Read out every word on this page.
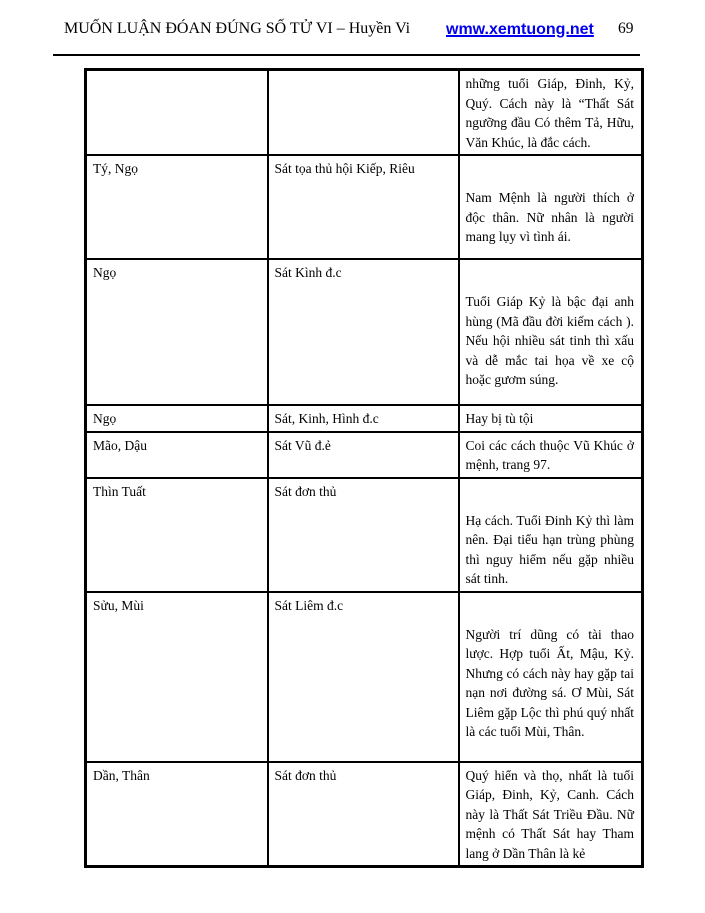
MUỐN LUẬN ĐÓAN ĐÚNG SỐ TỬ VI – Huyền Vi wmw.xemtuong.net 69
		những tuổi Giáp, Đinh, Kỷ, Quý. Cách này là “Thất Sát ngưỡng đầu Có thêm Tả, Hữu, Văn Khúc, là đắc cách.
Tý, Ngọ	Sát tọa thủ hội Kiếp, Riêu	Nam Mệnh là người thích ở độc thân. Nữ nhân là người mang lụy vì tình ái.
Ngọ	Sát Kình đ.c	Tuổi Giáp Kỷ là bậc đại anh hùng (Mã đầu đời kiếm cách ). Nếu hội nhiều sát tinh thì xấu và dễ mắc tai họa về xe cộ hoặc gươm súng.
Ngọ	Sát, Kinh, Hình đ.c	Hay bị tù tội
Mão, Dậu	Sát Vũ đ.ẻ	Coi các cách thuộc Vũ Khúc ở mệnh, trang 97.
Thìn Tuất	Sát đơn thủ	Hạ cách. Tuổi Đinh Kỷ thì làm nên. Đại tiểu hạn trùng phùng thì nguy hiểm nếu gặp nhiều sát tinh.
Sửu, Mùi	Sát Liêm đ.c	Người trí dũng có tài thao lược. Hợp tuổi Ất, Mậu, Kỷ. Nhưng có cách này hay gặp tai nạn nơi đường sá. Ơ Mùi, Sát Liêm gặp Lộc thì phú quý nhất là các tuổi Mùi, Thân.
Dần, Thân	Sát đơn thủ	Quý hiển và thọ, nhất là tuổi Giáp, Đinh, Kỷ, Canh. Cách này là Thất Sát Triều Đầu. Nữ mệnh có Thất Sát hay Tham lang ở Dần Thân là kẻ
